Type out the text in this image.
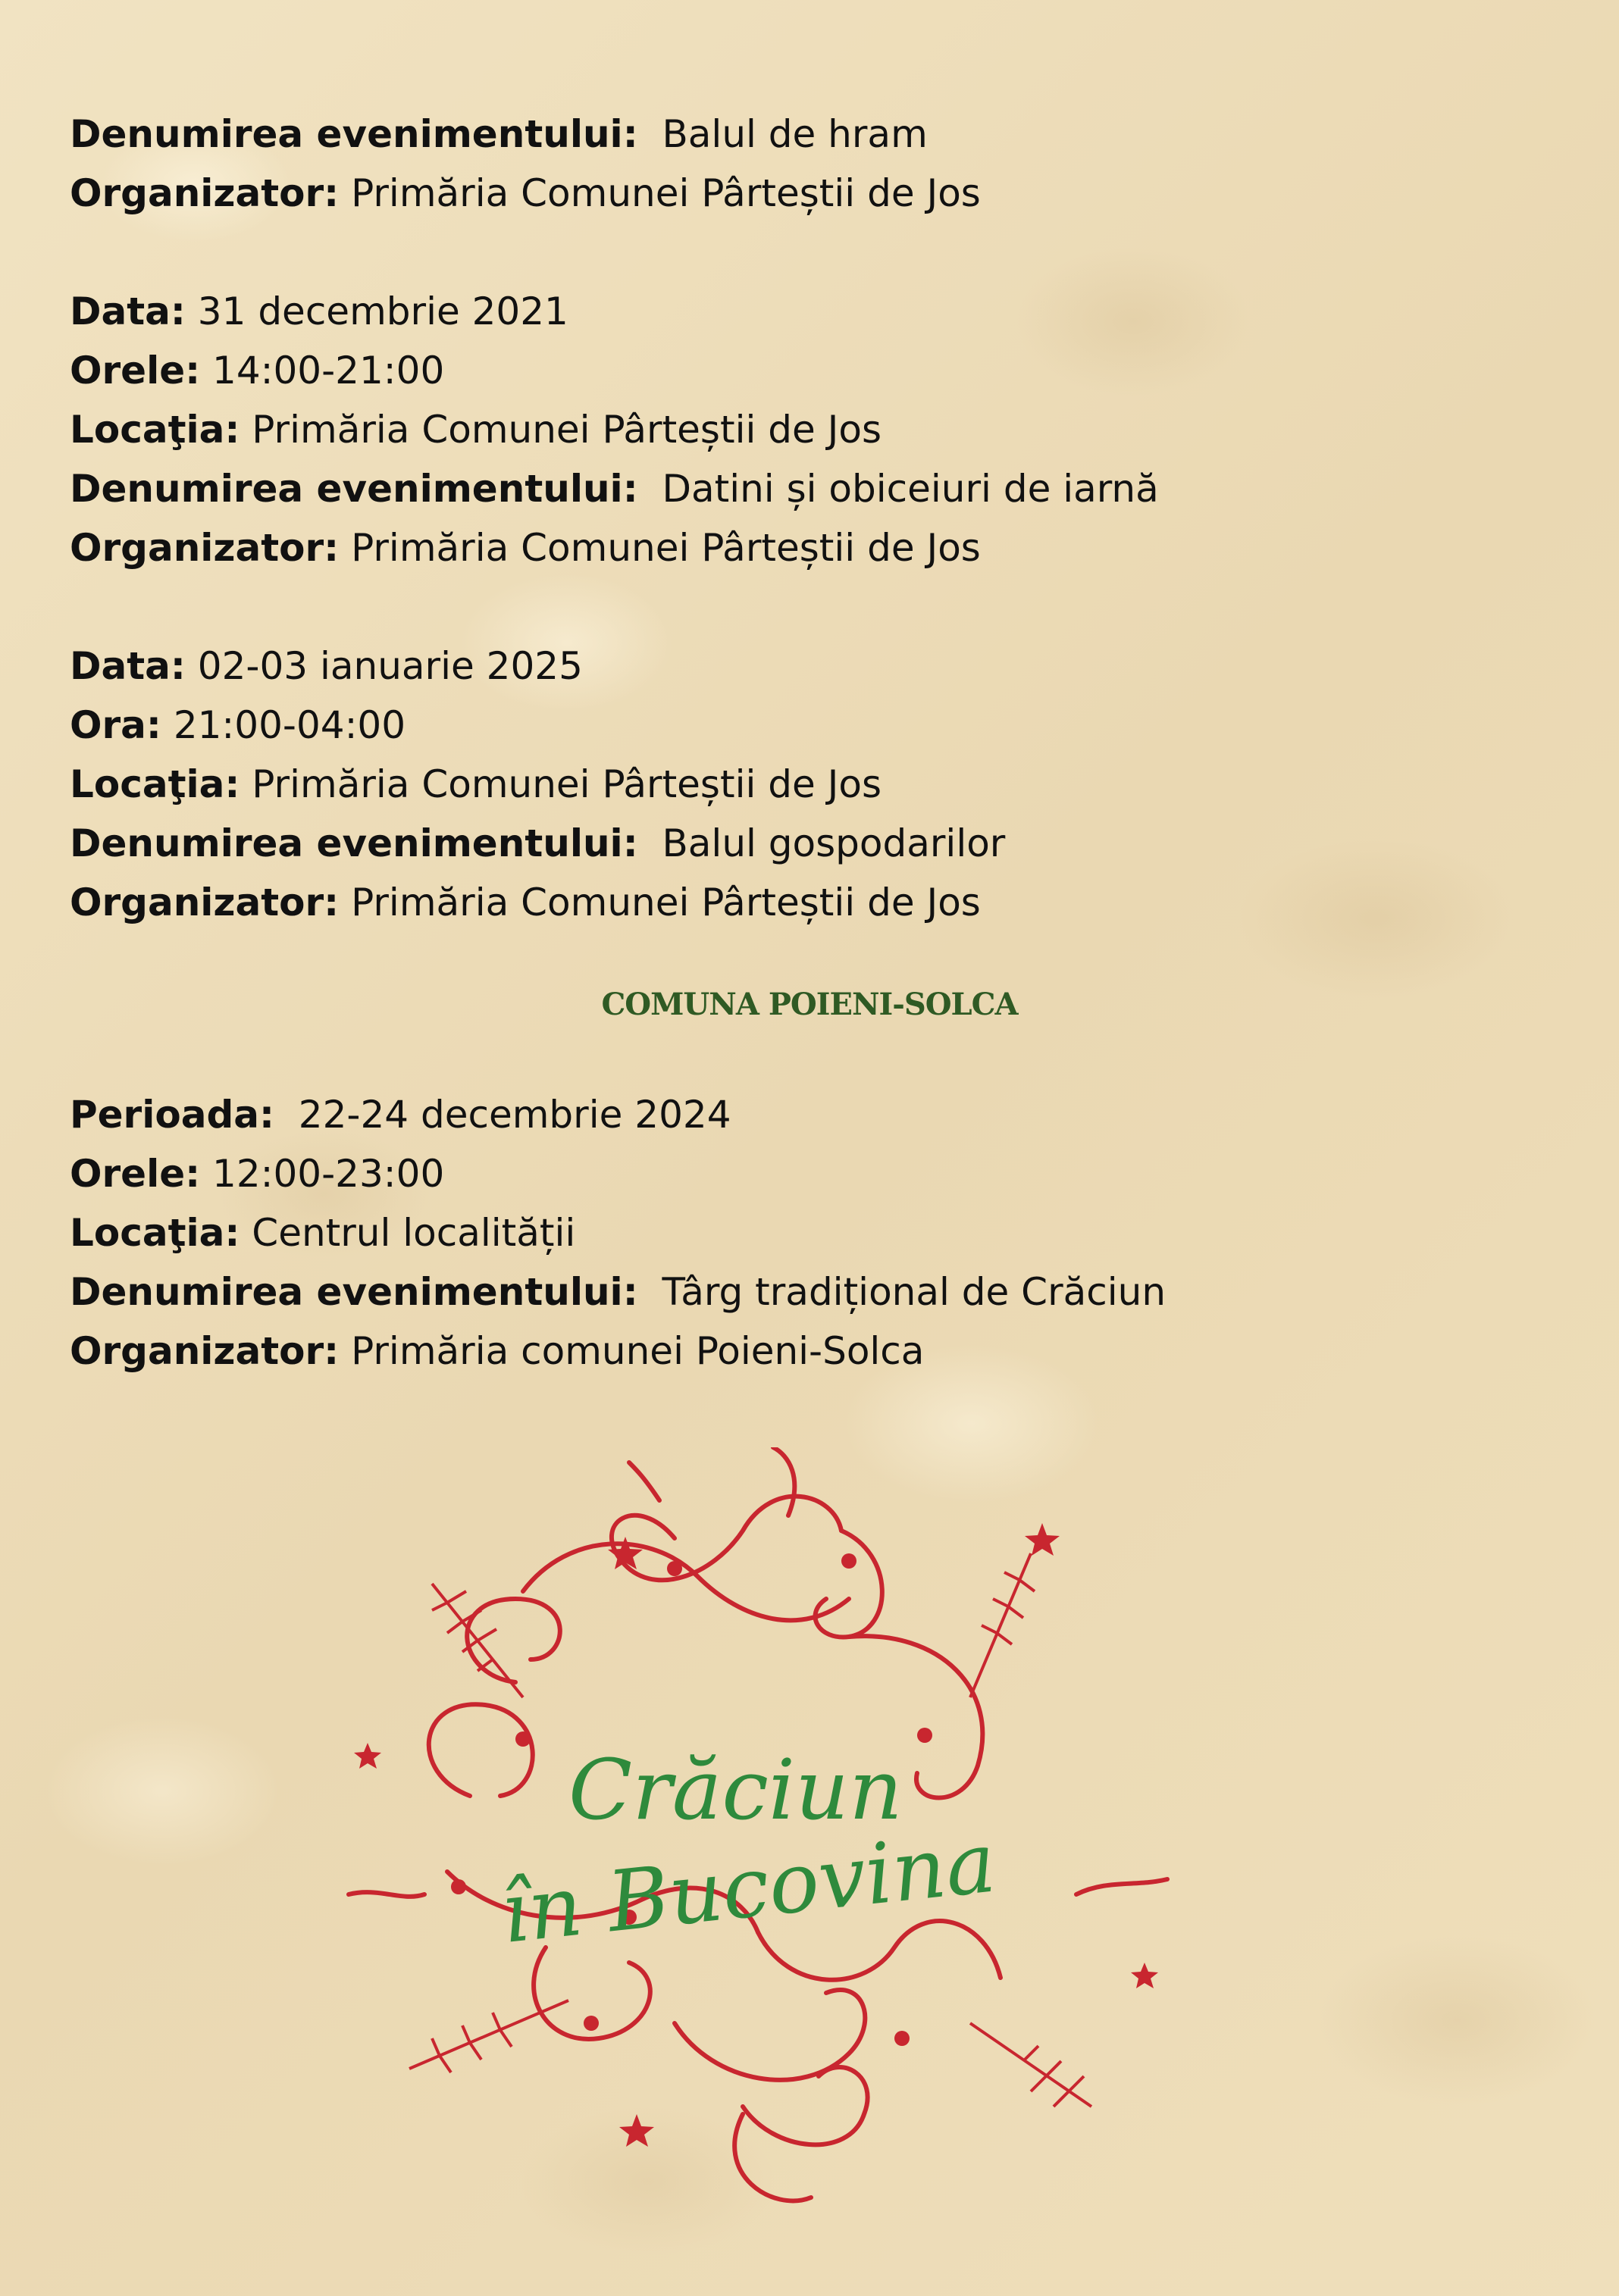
Denumirea evenimentului: Balul de hram
Organizator: Primăria Comunei Pârteștii de Jos
Data: 31 decembrie 2021
Orele: 14:00-21:00
Locaţia: Primăria Comunei Pârteștii de Jos
Denumirea evenimentului: Datini și obiceiuri de iarnă
Organizator: Primăria Comunei Pârteștii de Jos
Data: 02-03 ianuarie 2025
Ora: 21:00-04:00
Locaţia: Primăria Comunei Pârteștii de Jos
Denumirea evenimentului: Balul gospodarilor
Organizator: Primăria Comunei Pârteștii de Jos
COMUNA POIENI-SOLCA
Perioada: 22-24 decembrie 2024
Orele: 12:00-23:00
Locaţia: Centrul localității
Denumirea evenimentului: Târg tradițional de Crăciun
Organizator: Primăria comunei Poieni-Solca
Crăciun
în Bucovina
